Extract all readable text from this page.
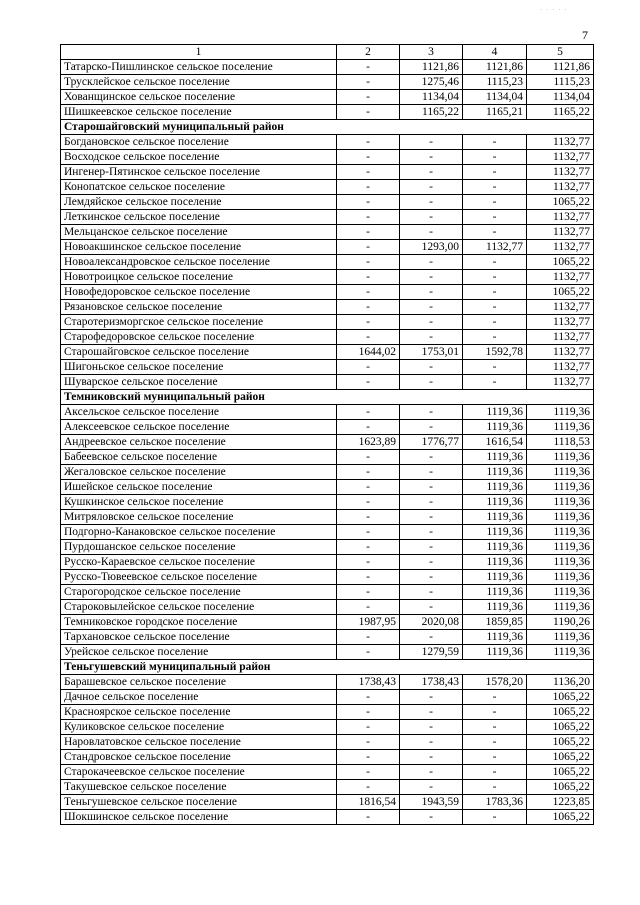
· · · · ·
7
1	2	3	4	5
Татарско-Пишлинское сельское поселение	-	1121,86	1121,86	1121,86
Трусклейское сельское поселение	-	1275,46	1115,23	1115,23
Хованщинское сельское поселение	-	1134,04	1134,04	1134,04
Шишкеевское сельское поселение	-	1165,22	1165,21	1165,22
Старошайговский муниципальный район				
Богдановское сельское поселение	-	-	-	1132,77
Восходское сельское поселение	-	-	-	1132,77
Ингенер-Пятинское сельское поселение	-	-	-	1132,77
Конопатское сельское поселение	-	-	-	1132,77
Лемдяйское сельское поселение	-	-	-	1065,22
Леткинское сельское поселение	-	-	-	1132,77
Мельцанское сельское поселение	-	-	-	1132,77
Новоакшинское сельское поселение	-	1293,00	1132,77	1132,77
Новоалександровское сельское поселение	-	-	-	1065,22
Новотроицкое сельское поселение	-	-	-	1132,77
Новофедоровское сельское поселение	-	-	-	1065,22
Рязановское сельское поселение	-	-	-	1132,77
Старотеризморгское сельское поселение	-	-	-	1132,77
Старофедоровское сельское поселение	-	-	-	1132,77
Старошайговское сельское поселение	1644,02	1753,01	1592,78	1132,77
Шигоньское сельское поселение	-	-	-	1132,77
Шуварское сельское поселение	-	-	-	1132,77
Темниковский муниципальный район				
Аксельское сельское поселение	-	-	1119,36	1119,36
Алексеевское сельское поселение	-	-	1119,36	1119,36
Андреевское сельское поселение	1623,89	1776,77	1616,54	1118,53
Бабеевское сельское поселение	-	-	1119,36	1119,36
Жегаловское сельское поселение	-	-	1119,36	1119,36
Ишейское сельское поселение	-	-	1119,36	1119,36
Кушкинское сельское поселение	-	-	1119,36	1119,36
Митряловское сельское поселение	-	-	1119,36	1119,36
Подгорно-Канаковское сельское поселение	-	-	1119,36	1119,36
Пурдошанское сельское поселение	-	-	1119,36	1119,36
Русско-Караевское сельское поселение	-	-	1119,36	1119,36
Русско-Тювеевское сельское поселение	-	-	1119,36	1119,36
Старогородское сельское поселение	-	-	1119,36	1119,36
Староковылейское сельское поселение	-	-	1119,36	1119,36
Темниковское городское поселение	1987,95	2020,08	1859,85	1190,26
Тархановское сельское поселение	-	-	1119,36	1119,36
Урейское сельское поселение	-	1279,59	1119,36	1119,36
Теньгушевский муниципальный район				
Барашевское сельское поселение	1738,43	1738,43	1578,20	1136,20
Дачное сельское поселение	-	-	-	1065,22
Красноярское сельское поселение	-	-	-	1065,22
Куликовское сельское поселение	-	-	-	1065,22
Наровлатовское сельское поселение	-	-	-	1065,22
Стандровское сельское поселение	-	-	-	1065,22
Старокачеевское сельское поселение	-	-	-	1065,22
Такушевское сельское поселение	-	-	-	1065,22
Теньгушевское сельское поселение	1816,54	1943,59	1783,36	1223,85
Шокшинское сельское поселение	-	-	-	1065,22
